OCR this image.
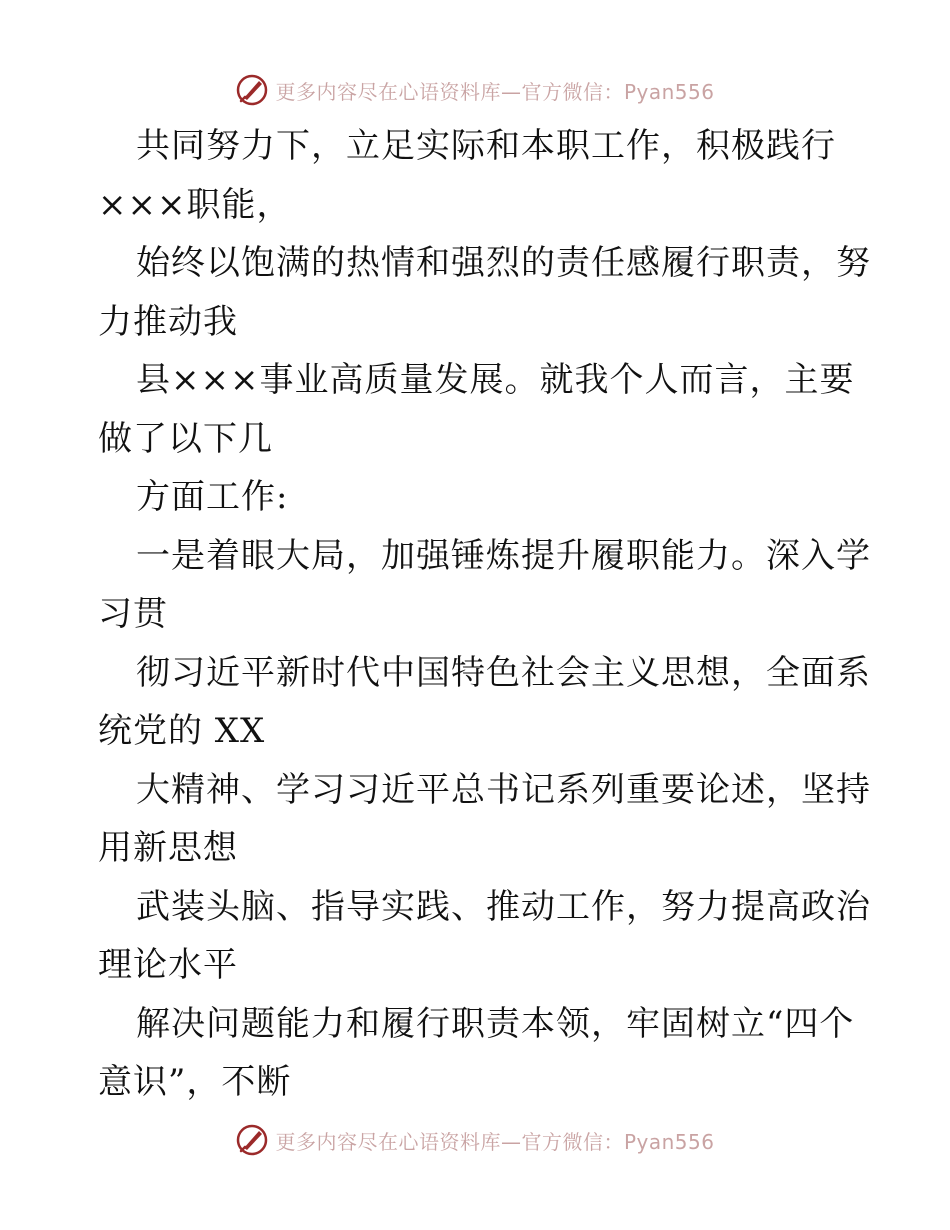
更多内容尽在心语资料库—官方微信：Pyan556
共同努力下，立足实际和本职工作，积极践行
×××职能，
始终以饱满的热情和强烈的责任感履行职责，努
力推动我
县×××事业高质量发展。就我个人而言，主要
做了以下几
方面工作:
一是着眼大局，加强锤炼提升履职能力。深入学
习贯
彻习近平新时代中国特色社会主义思想，全面系
统党的 XX
大精神、学习习近平总书记系列重要论述，坚持
用新思想
武装头脑、指导实践、推动工作，努力提高政治
理论水平
解决问题能力和履行职责本领，牢固树立“四个
意识”，不断
更多内容尽在心语资料库—官方微信：Pyan556
